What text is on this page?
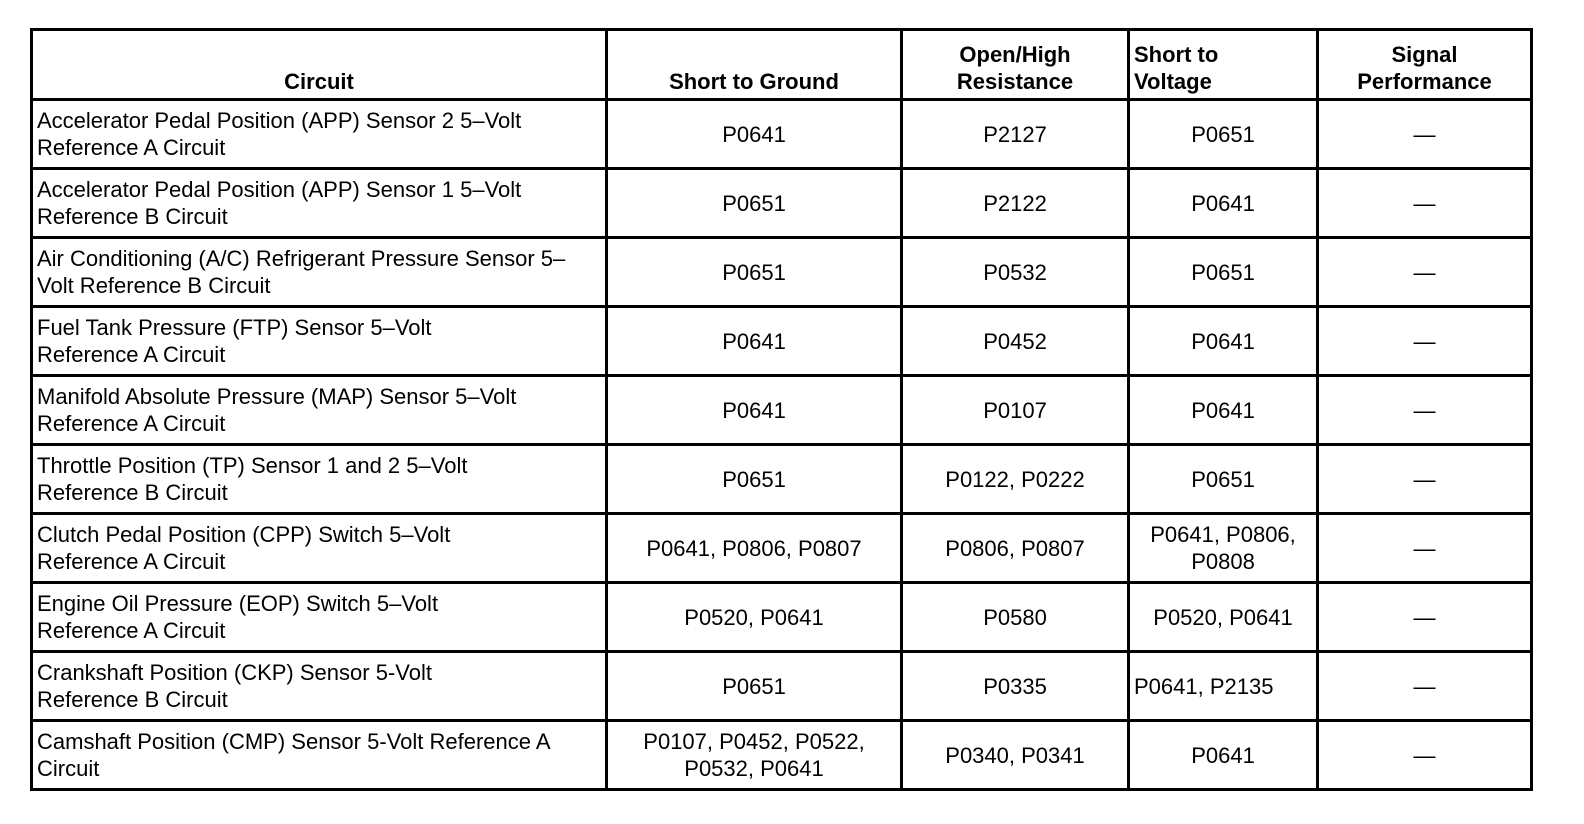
Circuit	Short to Ground	Open/High Resistance	Short to Voltage	Signal Performance
Accelerator Pedal Position (APP) Sensor 2 5–Volt Reference A Circuit	P0641	P2127	P0651	—
Accelerator Pedal Position (APP) Sensor 1 5–Volt Reference B Circuit	P0651	P2122	P0641	—
Air Conditioning (A/C) Refrigerant Pressure Sensor 5–Volt Reference B Circuit	P0651	P0532	P0651	—
Fuel Tank Pressure (FTP) Sensor 5–Volt Reference A Circuit	P0641	P0452	P0641	—
Manifold Absolute Pressure (MAP) Sensor 5–Volt Reference A Circuit	P0641	P0107	P0641	—
Throttle Position (TP) Sensor 1 and 2 5–Volt Reference B Circuit	P0651	P0122, P0222	P0651	—
Clutch Pedal Position (CPP) Switch 5–Volt Reference A Circuit	P0641, P0806, P0807	P0806, P0807	P0641, P0806, P0808	—
Engine Oil Pressure (EOP) Switch 5–Volt Reference A Circuit	P0520, P0641	P0580	P0520, P0641	—
Crankshaft Position (CKP) Sensor 5-Volt Reference B Circuit	P0651	P0335	P0641, P2135	—
Camshaft Position (CMP) Sensor 5-Volt Reference A Circuit	P0107, P0452, P0522, P0532, P0641	P0340, P0341	P0641	—
